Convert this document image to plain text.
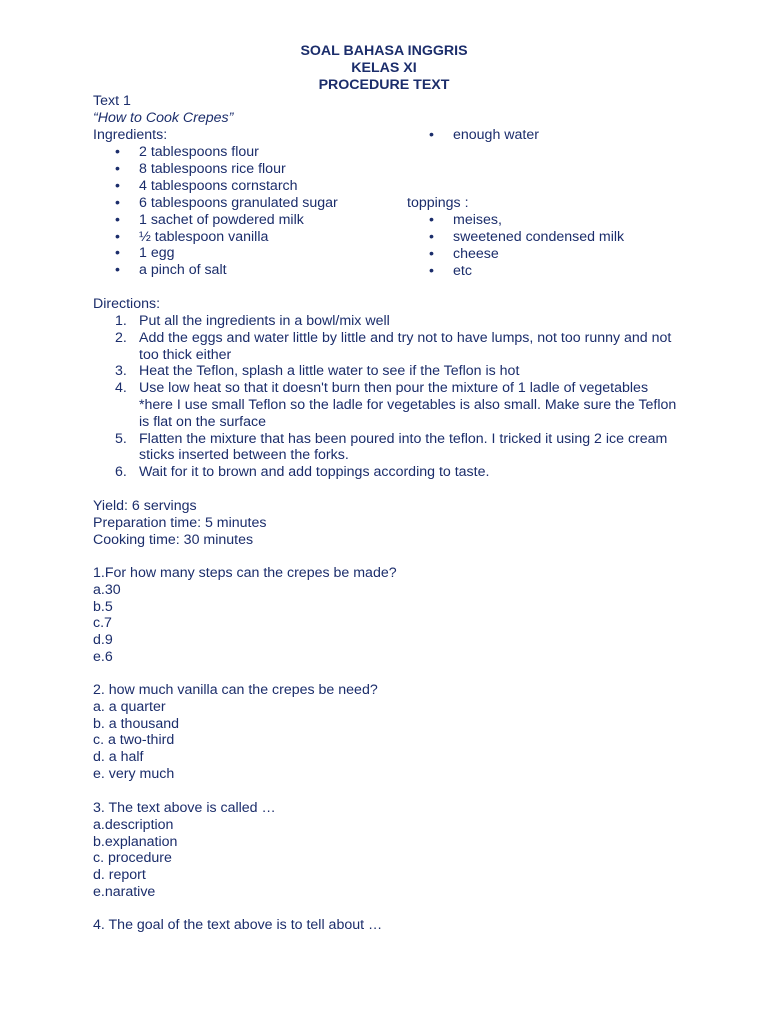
SOAL BAHASA INGGRIS
KELAS XI
PROCEDURE TEXT
Text 1
“How to Cook Crepes”
Ingredients:
• 2 tablespoons flour
• 8 tablespoons rice flour
• 4 tablespoons cornstarch
• 6 tablespoons granulated sugar
• 1 sachet of powdered milk
• ½ tablespoon vanilla
• 1 egg
• a pinch of salt
• enough water
toppings :
• meises,
• sweetened condensed milk
• cheese
• etc
Directions:
1. Put all the ingredients in a bowl/mix well
2. Add the eggs and water little by little and try not to have lumps, not too runny and not too thick either
3. Heat the Teflon, splash a little water to see if the Teflon is hot
4. Use low heat so that it doesn't burn then pour the mixture of 1 ladle of vegetables *here I use small Teflon so the ladle for vegetables is also small. Make sure the Teflon is flat on the surface
5. Flatten the mixture that has been poured into the teflon. I tricked it using 2 ice cream sticks inserted between the forks.
6. Wait for it to brown and add toppings according to taste.
Yield: 6 servings
Preparation time: 5 minutes
Cooking time: 30 minutes
1.For how many steps can the crepes be made?
a.30
b.5
c.7
d.9
e.6
2. how much vanilla can the crepes be need?
a. a quarter
b. a thousand
c. a two-third
d. a half
e. very much
3. The text above is called …
a.description
b.explanation
c. procedure
d. report
e.narative
4. The goal of the text above is to tell about …
